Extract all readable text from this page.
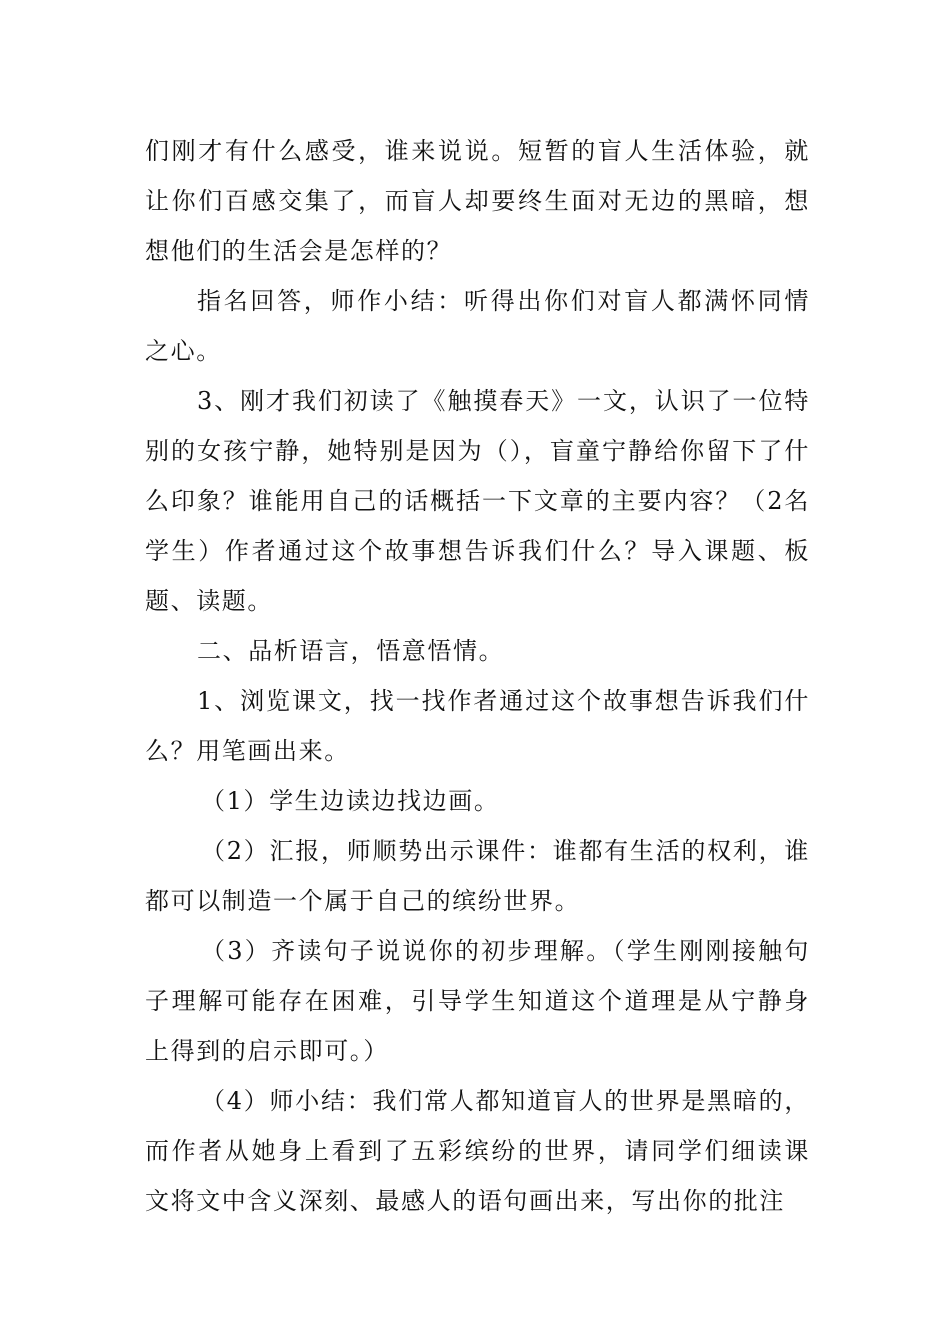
们刚才有什么感受，谁来说说。短暂的盲人生活体验，就让你们百感交集了，而盲人却要终生面对无边的黑暗，想想他们的生活会是怎样的？

指名回答，师作小结：听得出你们对盲人都满怀同情之心。

3、刚才我们初读了《触摸春天》一文，认识了一位特别的女孩宁静，她特别是因为（），盲童宁静给你留下了什么印象？谁能用自己的话概括一下文章的主要内容？（2名学生）作者通过这个故事想告诉我们什么？导入课题、板题、读题。

二、品析语言，悟意悟情。

1、浏览课文，找一找作者通过这个故事想告诉我们什么？用笔画出来。

（1）学生边读边找边画。

（2）汇报，师顺势出示课件：谁都有生活的权利，谁都可以制造一个属于自己的缤纷世界。

（3）齐读句子说说你的初步理解。（学生刚刚接触句子理解可能存在困难，引导学生知道这个道理是从宁静身上得到的启示即可。）

（4）师小结：我们常人都知道盲人的世界是黑暗的，而作者从她身上看到了五彩缤纷的世界，请同学们细读课文将文中含义深刻、最感人的语句画出来，写出你的批注
